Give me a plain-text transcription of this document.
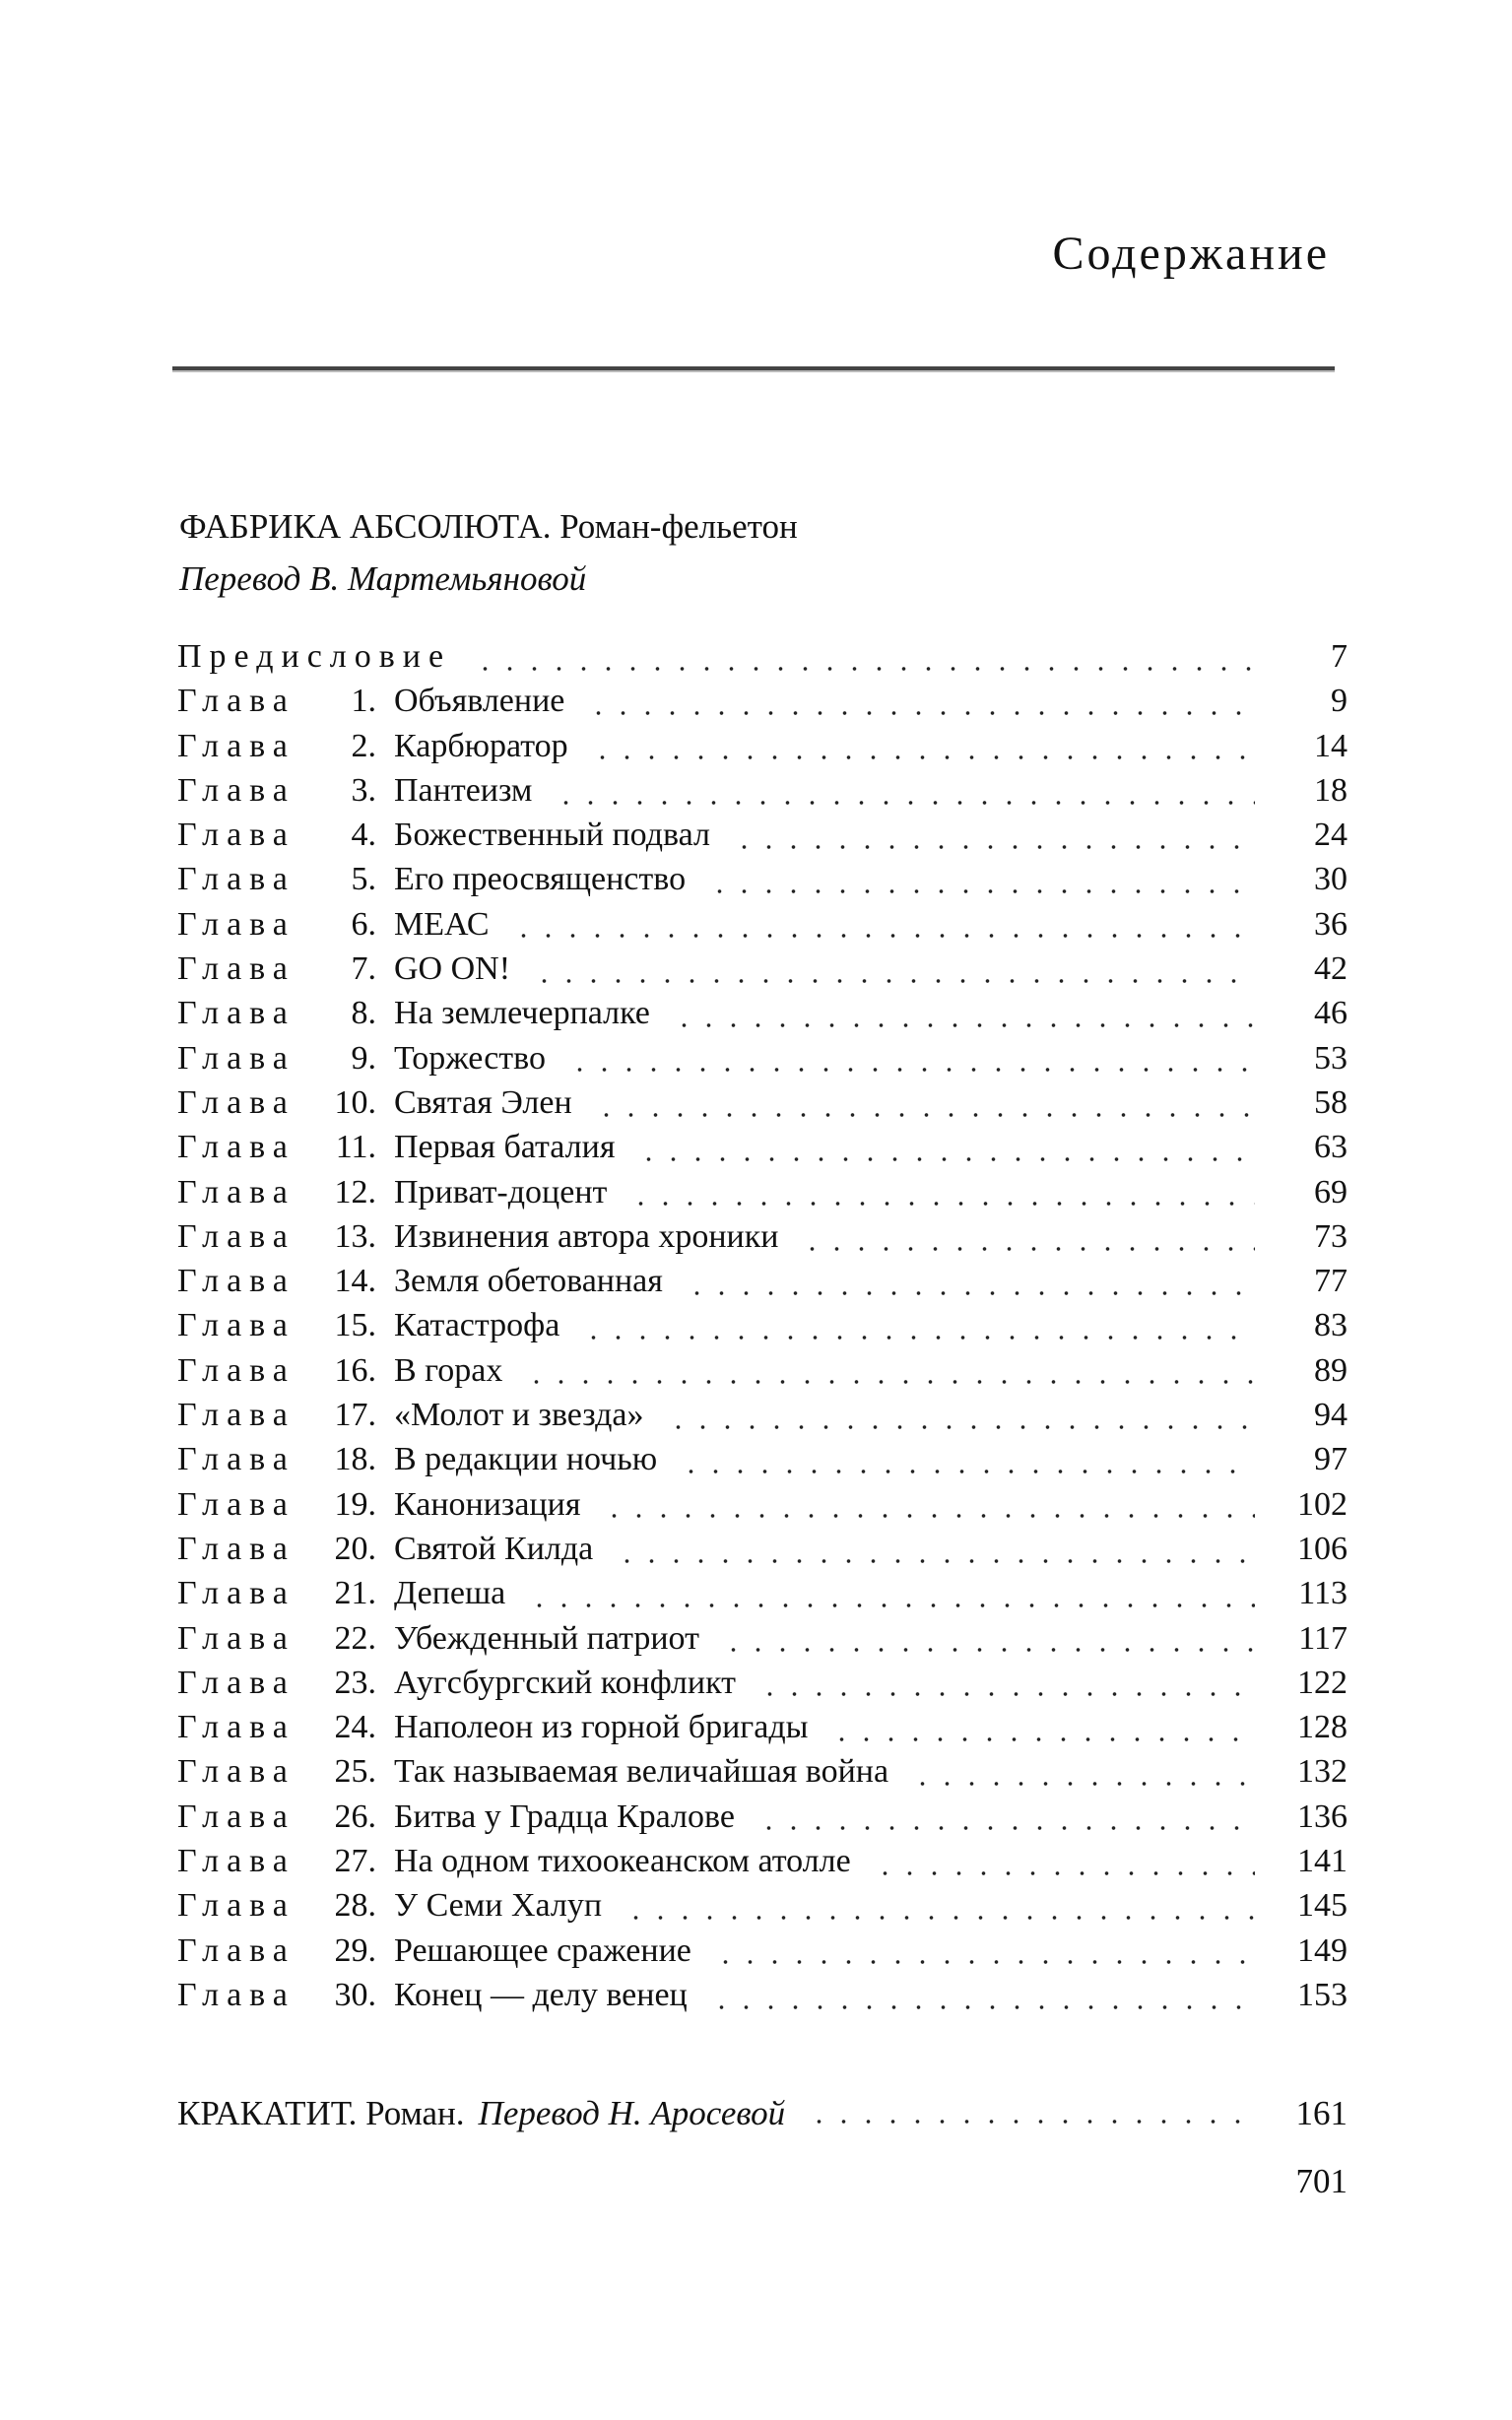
Содержание

ФАБРИКА АБСОЛЮТА. Роман-фельетон

Перевод В. Мартемьяновой

Предисловие	7
Глава	1. Объявление	9
Глава	2. Карбюратор	14
Глава	3. Пантеизм	18
Глава	4. Божественный подвал	24
Глава	5. Его преосвященство	30
Глава	6. МЕАС	36
Глава	7. GO ON!	42
Глава	8. На землечерпалке	46
Глава	9. Торжество	53
Глава	10. Святая Элен	58
Глава	11. Первая баталия	63
Глава	12. Приват-доцент	69
Глава	13. Извинения автора хроники	73
Глава	14. Земля обетованная	77
Глава	15. Катастрофа	83
Глава	16. В горах	89
Глава	17. «Молот и звезда»	94
Глава	18. В редакции ночью	97
Глава	19. Канонизация	102
Глава	20. Святой Килда	106
Глава	21. Депеша	113
Глава	22. Убежденный патриот	117
Глава	23. Аугсбургский конфликт	122
Глава	24. Наполеон из горной бригады	128
Глава	25. Так называемая величайшая война	132
Глава	26. Битва у Градца Кралове	136
Глава	27. На одном тихоокеанском атолле	141
Глава	28. У Семи Халуп	145
Глава	29. Решающее сражение	149
Глава	30. Конец — делу венец	153
КРАКАТИТ. Роман. Перевод Н. Аросевой	161
701
